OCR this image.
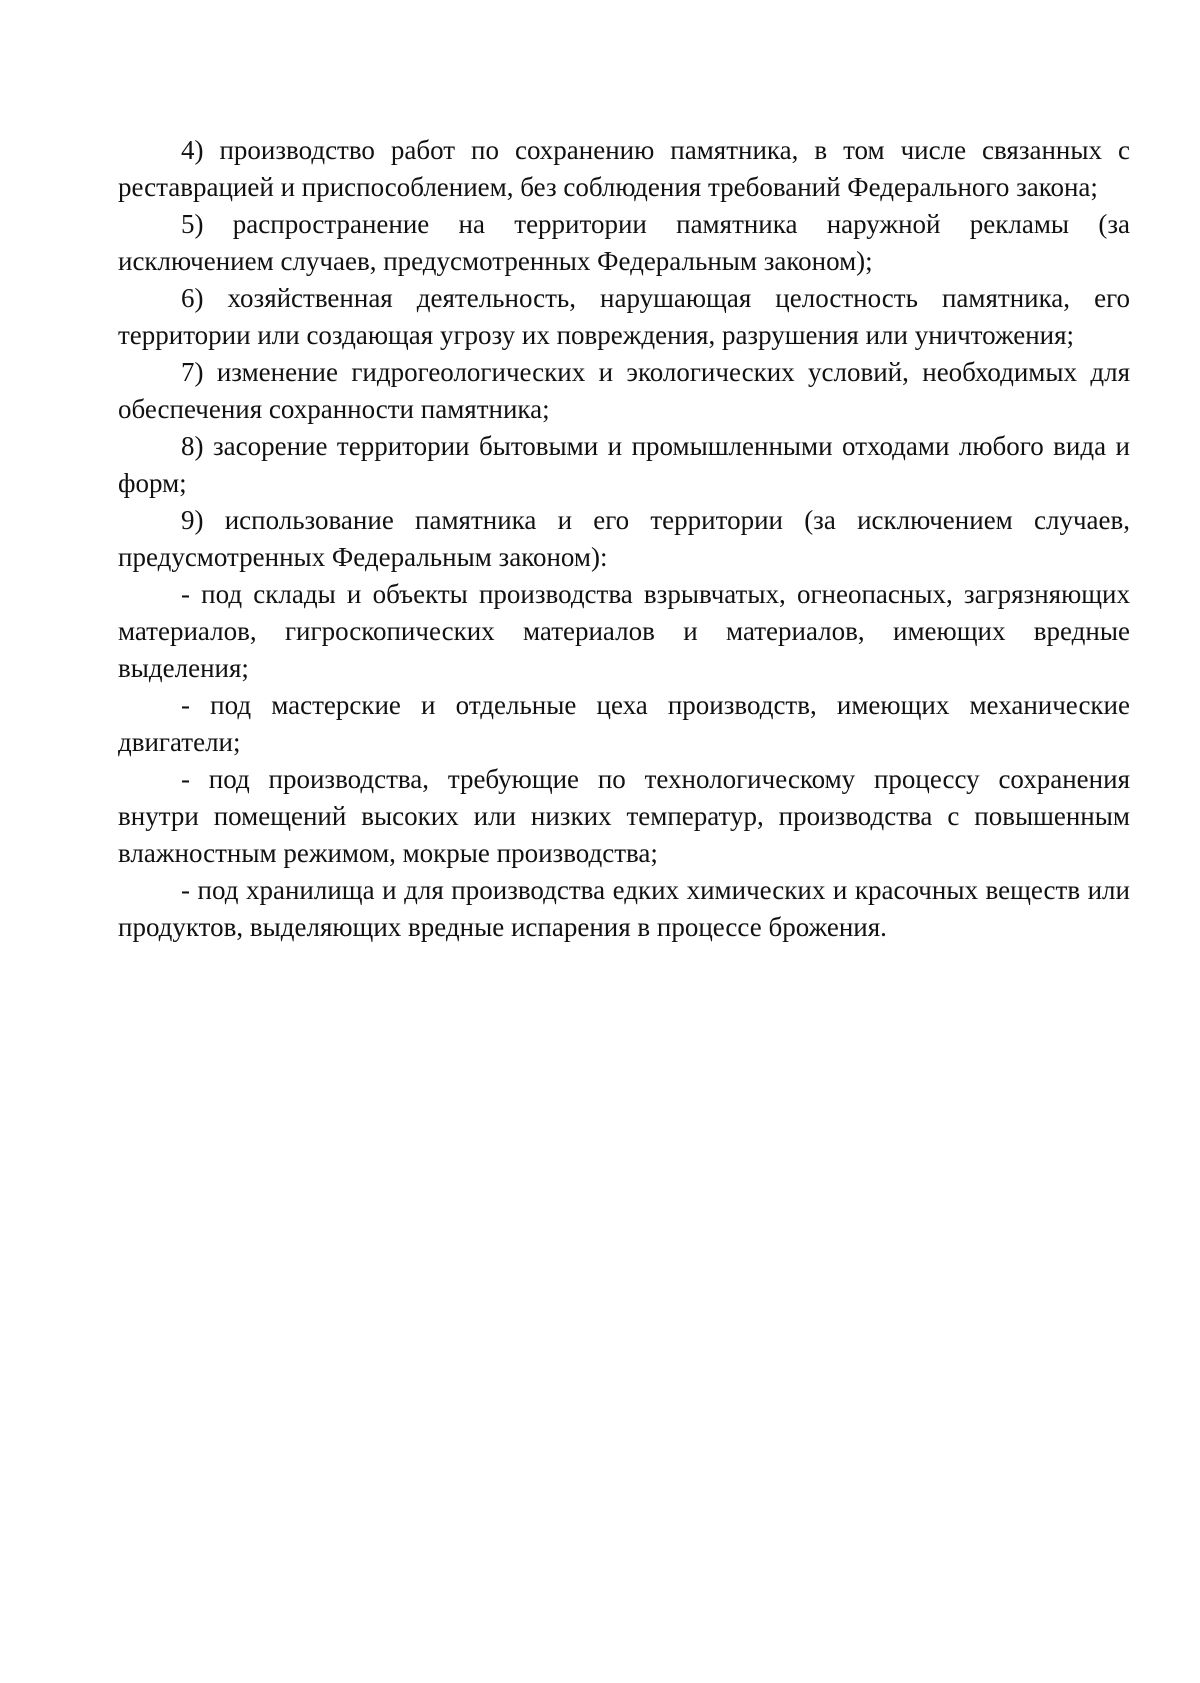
4) производство работ по сохранению памятника, в том числе связанных с реставрацией и приспособлением, без соблюдения требований Федерального закона;

5) распространение на территории памятника наружной рекламы (за исключением случаев, предусмотренных Федеральным законом);

6) хозяйственная деятельность, нарушающая целостность памятника, его территории или создающая угрозу их повреждения, разрушения или уничтожения;

7) изменение гидрогеологических и экологических условий, необходимых для обеспечения сохранности памятника;

8) засорение территории бытовыми и промышленными отходами любого вида и форм;

9) использование памятника и его территории (за исключением случаев, предусмотренных Федеральным законом):

- под склады и объекты производства взрывчатых, огнеопасных, загрязняющих материалов, гигроскопических материалов и материалов, имеющих вредные выделения;

- под мастерские и отдельные цеха производств, имеющих механические двигатели;

- под производства, требующие по технологическому процессу сохранения внутри помещений высоких или низких температур, производства с повышенным влажностным режимом, мокрые производства;

- под хранилища и для производства едких химических и красочных веществ или продуктов, выделяющих вредные испарения в процессе брожения.
